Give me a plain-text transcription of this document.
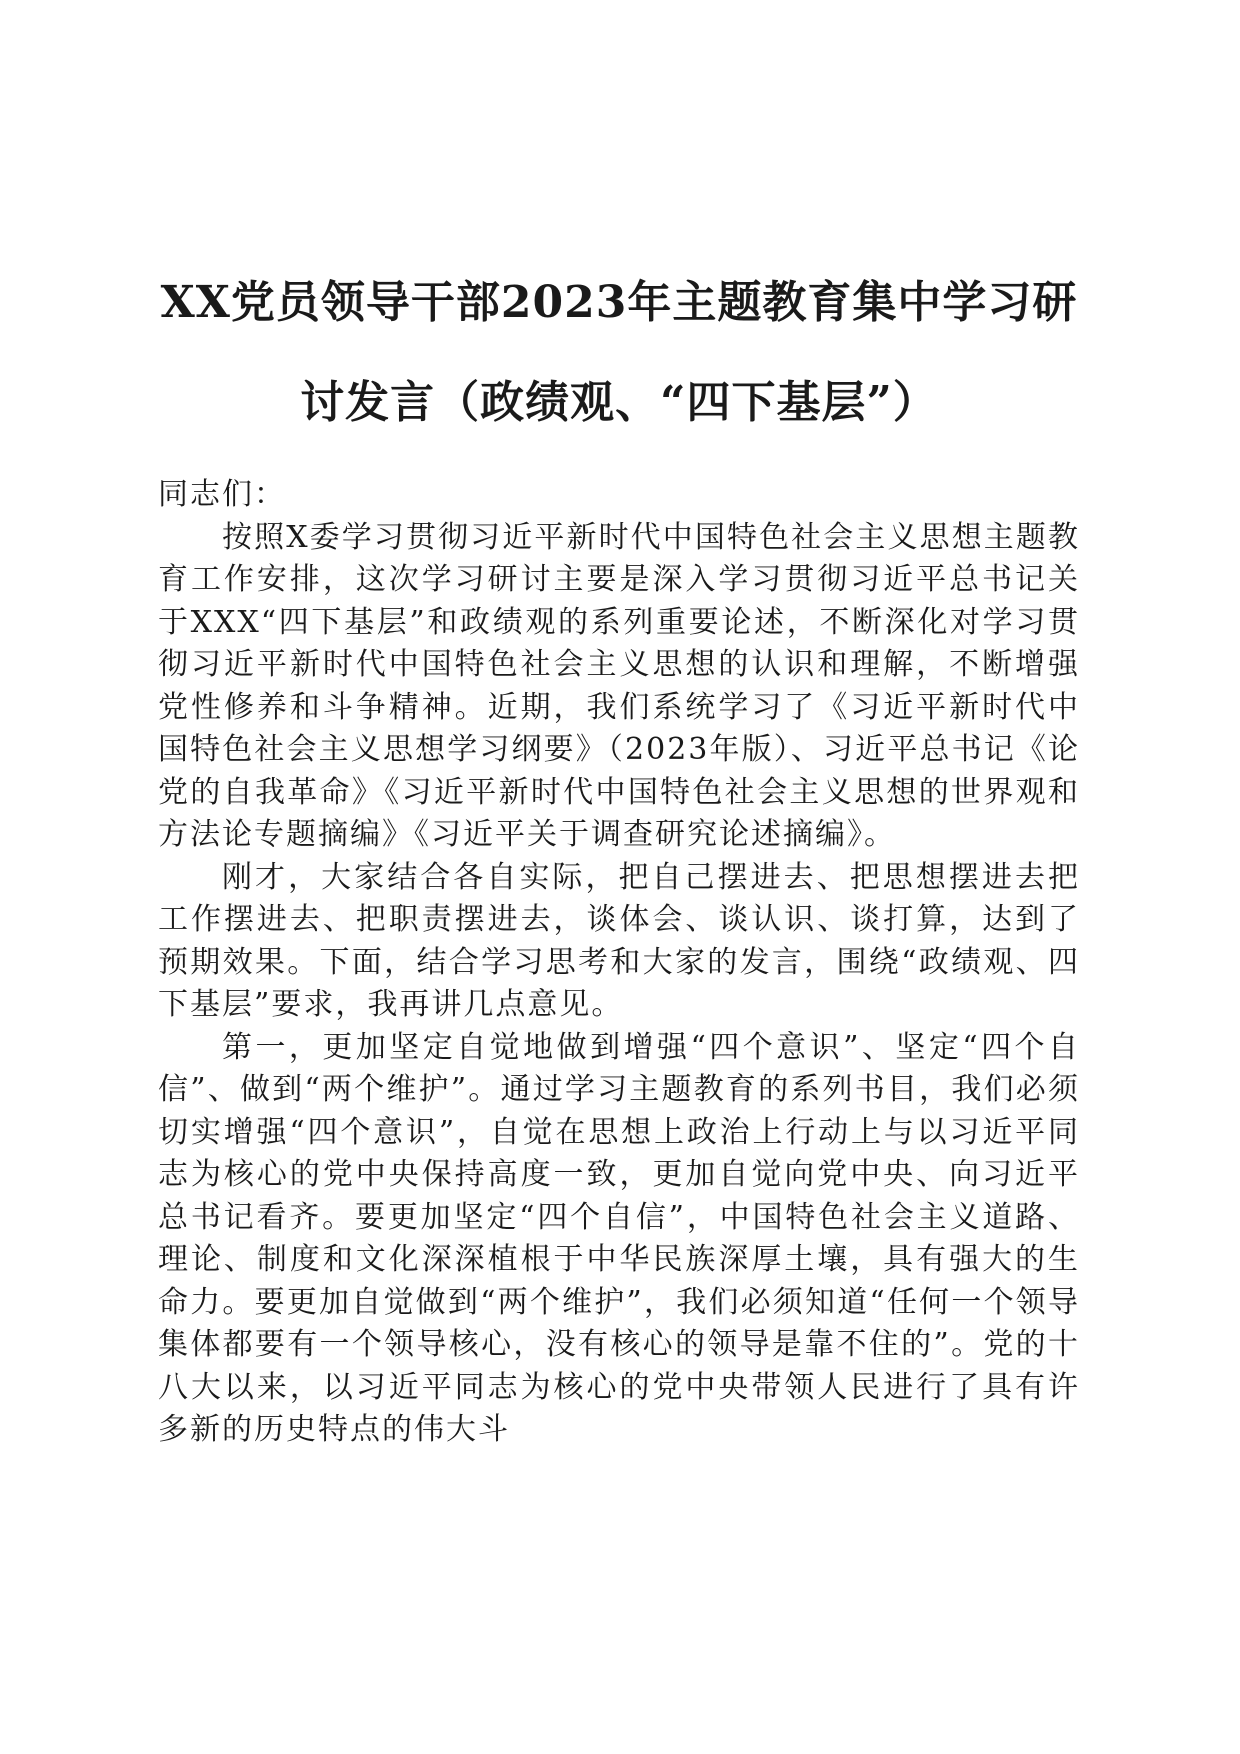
XX党员领导干部2023年主题教育集中学习研
讨发言（政绩观、“四下基层”）

同志们：

按照X委学习贯彻习近平新时代中国特色社会主义思想主题教育工作安排，这次学习研讨主要是深入学习贯彻习近平总书记关于XXX“四下基层”和政绩观的系列重要论述，不断深化对学习贯彻习近平新时代中国特色社会主义思想的认识和理解，不断增强党性修养和斗争精神。近期，我们系统学习了《习近平新时代中国特色社会主义思想学习纲要》（2023年版）、习近平总书记《论党的自我革命》《习近平新时代中国特色社会主义思想的世界观和方法论专题摘编》《习近平关于调查研究论述摘编》。

刚才，大家结合各自实际，把自己摆进去、把思想摆进去把工作摆进去、把职责摆进去，谈体会、谈认识、谈打算，达到了预期效果。下面，结合学习思考和大家的发言，围绕“政绩观、四下基层”要求，我再讲几点意见。

第一，更加坚定自觉地做到增强“四个意识”、坚定“四个自信”、做到“两个维护”。通过学习主题教育的系列书目，我们必须切实增强“四个意识”，自觉在思想上政治上行动上与以习近平同志为核心的党中央保持高度一致，更加自觉向党中央、向习近平总书记看齐。要更加坚定“四个自信”，中国特色社会主义道路、理论、制度和文化深深植根于中华民族深厚土壤，具有强大的生命力。要更加自觉做到“两个维护”，我们必须知道“任何一个领导集体都要有一个领导核心，没有核心的领导是靠不住的”。党的十八大以来，以习近平同志为核心的党中央带领人民进行了具有许多新的历史特点的伟大斗
